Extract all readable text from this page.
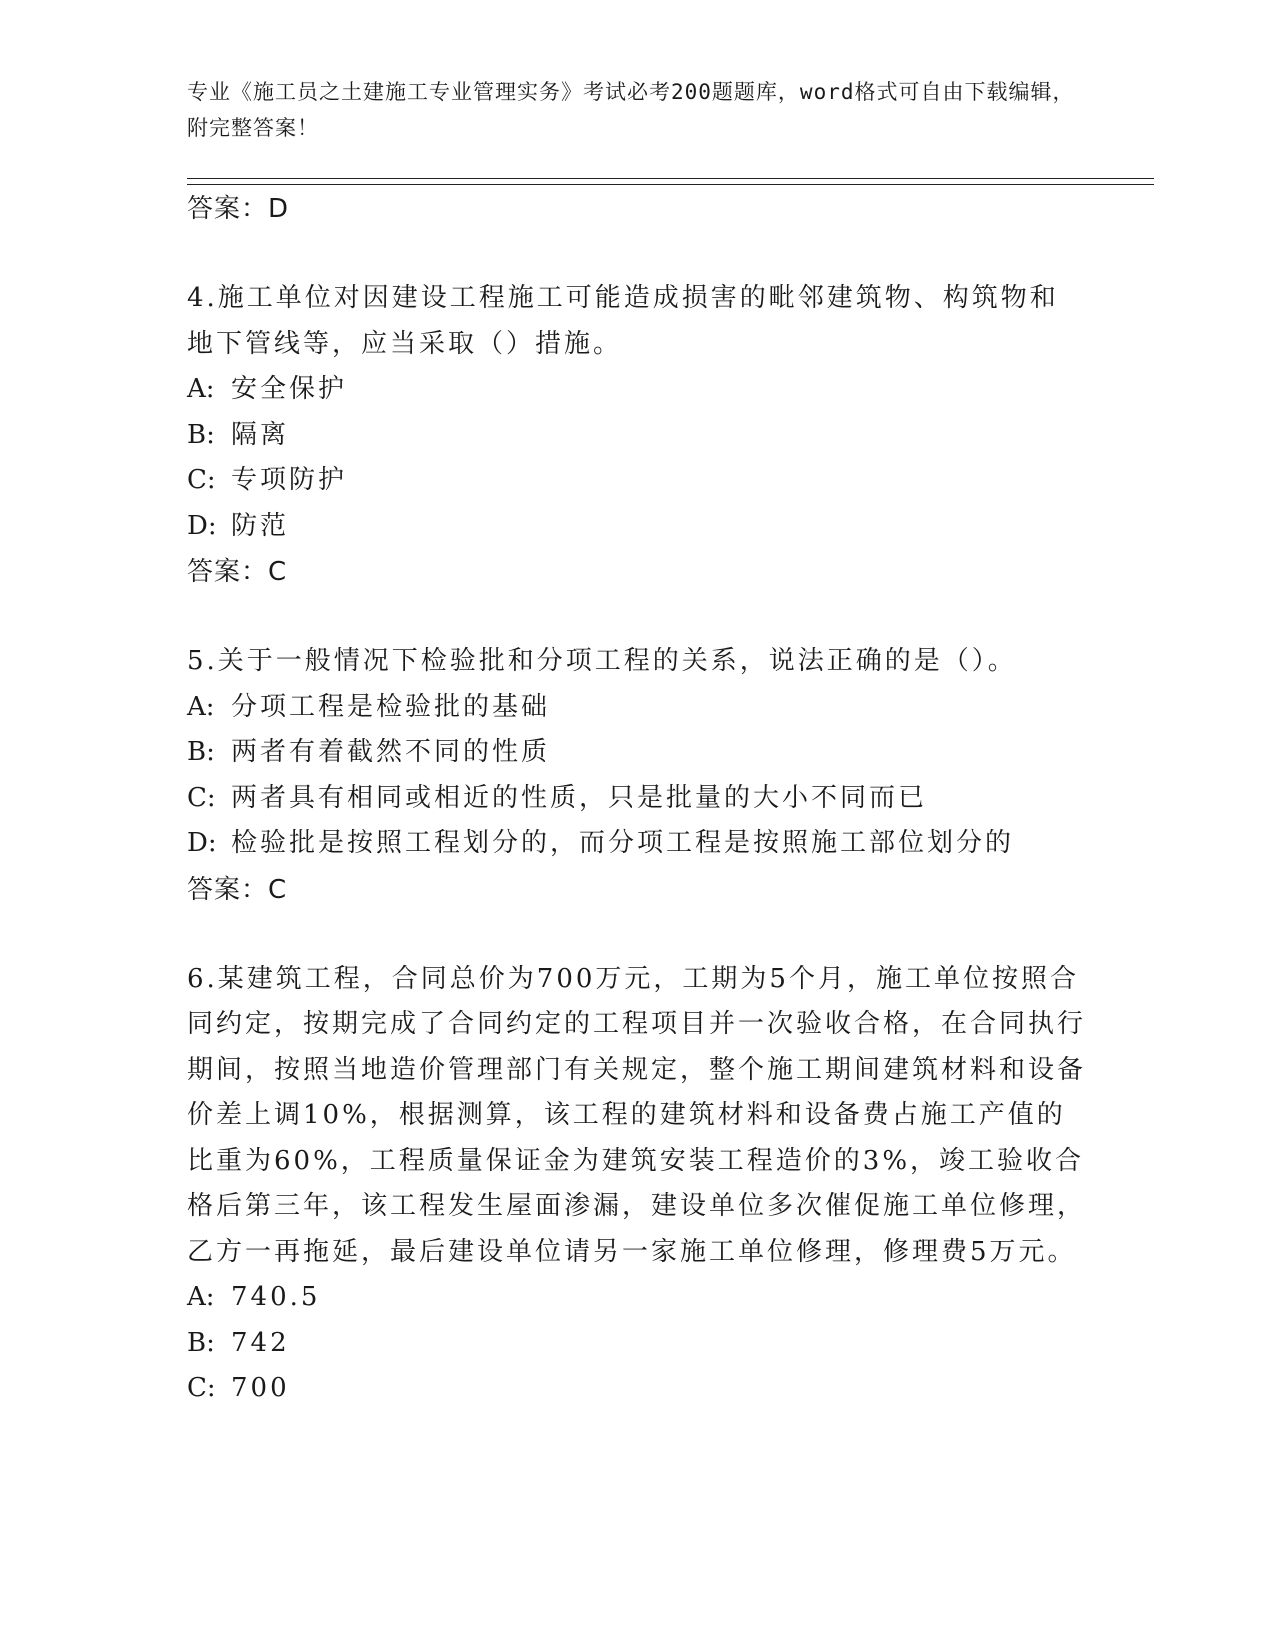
专业《施工员之土建施工专业管理实务》考试必考200题题库，word格式可自由下载编辑，附完整答案！
答案：D
4.施工单位对因建设工程施工可能造成损害的毗邻建筑物、构筑物和地下管线等，应当采取（）措施。
A: 安全保护
B: 隔离
C: 专项防护
D: 防范
答案：C
5.关于一般情况下检验批和分项工程的关系，说法正确的是（）。
A: 分项工程是检验批的基础
B: 两者有着截然不同的性质
C: 两者具有相同或相近的性质，只是批量的大小不同而已
D: 检验批是按照工程划分的，而分项工程是按照施工部位划分的
答案：C
6.某建筑工程，合同总价为700万元，工期为5个月，施工单位按照合同约定，按期完成了合同约定的工程项目并一次验收合格，在合同执行期间，按照当地造价管理部门有关规定，整个施工期间建筑材料和设备价差上调10%，根据测算，该工程的建筑材料和设备费占施工产值的比重为60%，工程质量保证金为建筑安装工程造价的3%，竣工验收合格后第三年，该工程发生屋面渗漏，建设单位多次催促施工单位修理，乙方一再拖延，最后建设单位请另一家施工单位修理，修理费5万元。
A: 740.5
B: 742
C: 700
